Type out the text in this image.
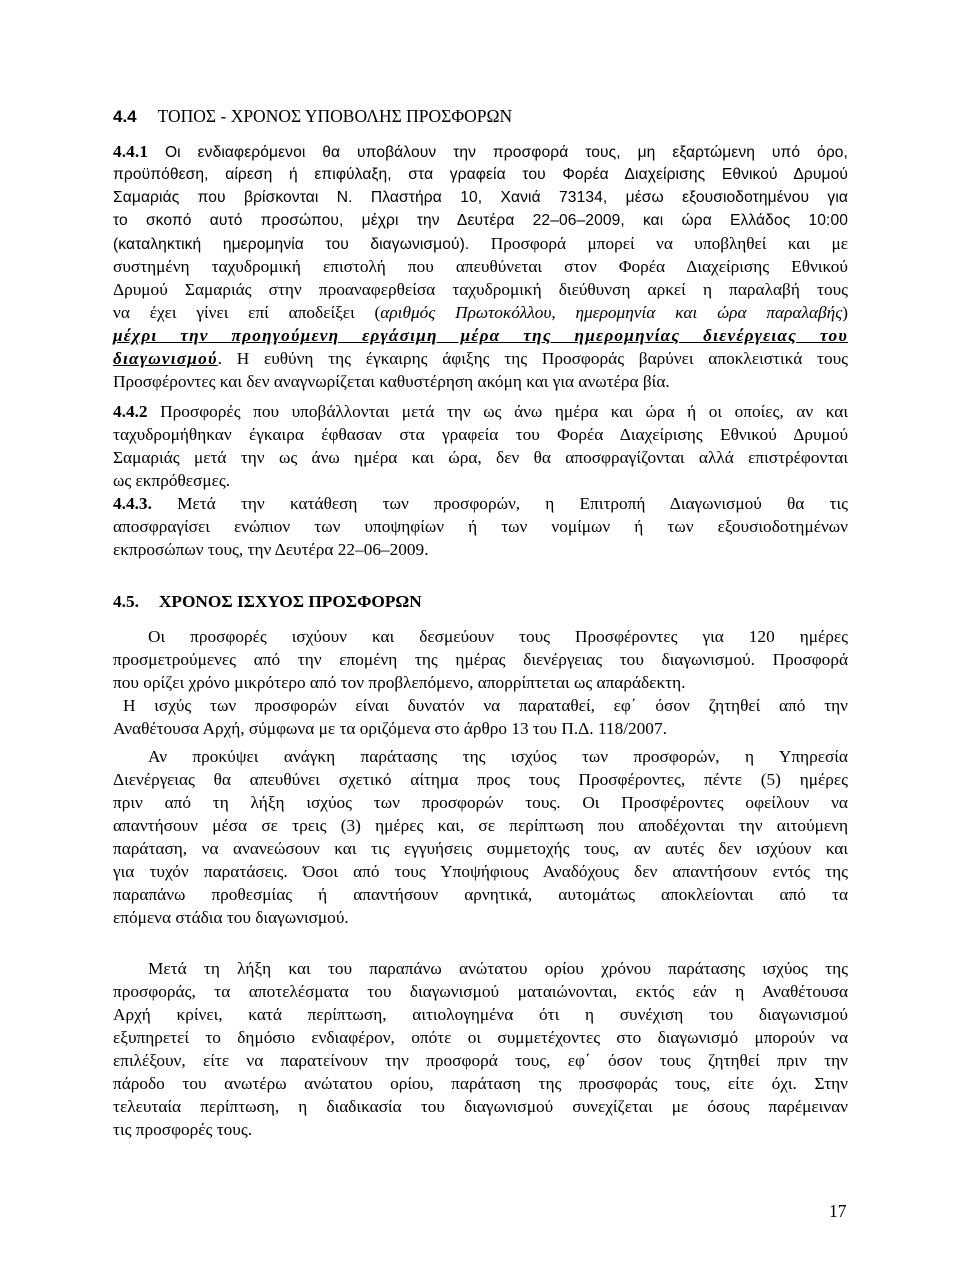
4.4 ΤΟΠΟΣ - ΧΡΟΝΟΣ ΥΠΟΒΟΛΗΣ ΠΡΟΣΦΟΡΩΝ
4.4.1 Οι ενδιαφερόμενοι θα υποβάλουν την προσφορά τους, μη εξαρτώμενη υπό όρο,
προϋπόθεση, αίρεση ή επιφύλαξη, στα γραφεία του Φορέα Διαχείρισης Εθνικού Δρυμού
Σαμαριάς που βρίσκονται Ν. Πλαστήρα 10, Χανιά 73134, μέσω εξουσιοδοτημένου για
το σκοπό αυτό προσώπου, μέχρι την Δευτέρα 22–06–2009, και ώρα Ελλάδος 10:00
(καταληκτική ημερομηνία του διαγωνισμού). Προσφορά μπορεί να υποβληθεί και με
συστημένη ταχυδρομική επιστολή που απευθύνεται στον Φορέα Διαχείρισης Εθνικού
Δρυμού Σαμαριάς στην προαναφερθείσα ταχυδρομική διεύθυνση αρκεί η παραλαβή τους
να έχει γίνει επί αποδείξει (αριθμός Πρωτοκόλλου, ημερομηνία και ώρα παραλαβής)
μέχρι την προηγούμενη εργάσιμη μέρα της ημερομηνίας διενέργειας του
διαγωνισμού. Η ευθύνη της έγκαιρης άφιξης της Προσφοράς βαρύνει αποκλειστικά τους
Προσφέροντες και δεν αναγνωρίζεται καθυστέρηση ακόμη και για ανωτέρα βία.
4.4.2 Προσφορές που υποβάλλονται μετά την ως άνω ημέρα και ώρα ή οι οποίες, αν και
ταχυδρομήθηκαν έγκαιρα έφθασαν στα γραφεία του Φορέα Διαχείρισης Εθνικού Δρυμού
Σαμαριάς μετά την ως άνω ημέρα και ώρα, δεν θα αποσφραγίζονται αλλά επιστρέφονται
ως εκπρόθεσμες.
4.4.3. Μετά την κατάθεση των προσφορών, η Επιτροπή Διαγωνισμού θα τις
αποσφραγίσει ενώπιον των υποψηφίων ή των νομίμων ή των εξουσιοδοτημένων
εκπροσώπων τους, την Δευτέρα 22–06–2009.
4.5. ΧΡΟΝΟΣ ΙΣΧΥΟΣ ΠΡΟΣΦΟΡΩΝ
Οι προσφορές ισχύουν και δεσμεύουν τους Προσφέροντες για 120 ημέρες
προσμετρούμενες από την επομένη της ημέρας διενέργειας του διαγωνισμού. Προσφορά
που ορίζει χρόνο μικρότερο από τον προβλεπόμενο, απορρίπτεται ως απαράδεκτη.
Η ισχύς των προσφορών είναι δυνατόν να παραταθεί, εφ΄ όσον ζητηθεί από την
Αναθέτουσα Αρχή, σύμφωνα με τα οριζόμενα στο άρθρο 13 του Π.Δ. 118/2007.
Αν προκύψει ανάγκη παράτασης της ισχύος των προσφορών, η Υπηρεσία
Διενέργειας θα απευθύνει σχετικό αίτημα προς τους Προσφέροντες, πέντε (5) ημέρες
πριν από τη λήξη ισχύος των προσφορών τους. Οι Προσφέροντες οφείλουν να
απαντήσουν μέσα σε τρεις (3) ημέρες και, σε περίπτωση που αποδέχονται την αιτούμενη
παράταση, να ανανεώσουν και τις εγγυήσεις συμμετοχής τους, αν αυτές δεν ισχύουν και
για τυχόν παρατάσεις. Όσοι από τους Υποψήφιους Αναδόχους δεν απαντήσουν εντός της
παραπάνω προθεσμίας ή απαντήσουν αρνητικά, αυτομάτως αποκλείονται από τα
επόμενα στάδια του διαγωνισμού.
Μετά τη λήξη και του παραπάνω ανώτατου ορίου χρόνου παράτασης ισχύος της
προσφοράς, τα αποτελέσματα του διαγωνισμού ματαιώνονται, εκτός εάν η Αναθέτουσα
Αρχή κρίνει, κατά περίπτωση, αιτιολογημένα ότι η συνέχιση του διαγωνισμού
εξυπηρετεί το δημόσιο ενδιαφέρον, οπότε οι συμμετέχοντες στο διαγωνισμό μπορούν να
επιλέξουν, είτε να παρατείνουν την προσφορά τους, εφ΄ όσον τους ζητηθεί πριν την
πάροδο του ανωτέρω ανώτατου ορίου, παράταση της προσφοράς τους, είτε όχι. Στην
τελευταία περίπτωση, η διαδικασία του διαγωνισμού συνεχίζεται με όσους παρέμειναν
τις προσφορές τους.
17
